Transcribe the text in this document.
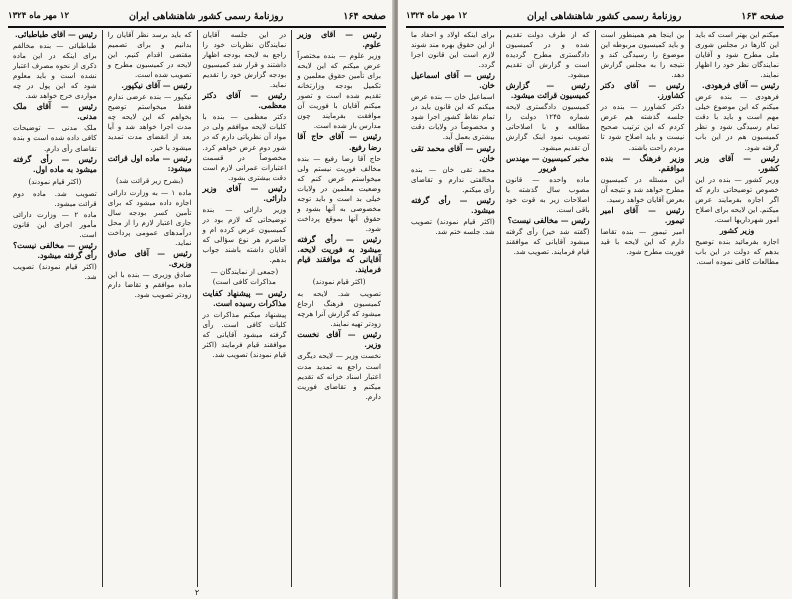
صفحه ۱۶۴
روزنامهٔ رسمی کشور شاهنشاهی ایران
۱۲ مهر ماه ۱۳۲۴

رئیس — آقای وزیر علوم.

وزیر علوم — بنده مختصراً عرض میکنم که این لایحه برای تأمین حقوق معلمین و تکمیل بودجه وزارتخانه تقدیم شده است و تصور میکنم آقایان با فوریت آن موافقت بفرمایند چون مدارس باز شده است.

رئیس — آقای حاج آقا رضا رفیع.

حاج آقا رضا رفیع — بنده مخالف فوریت نیستم ولی میخواستم عرض کنم که وضعیت معلمین در ولایات خیلی بد است و باید توجه مخصوصی به آنها بشود و حقوق آنها بموقع پرداخت شود.

رئیس — رأی گرفته میشود به فوریت لایحه. آقایانی که موافقند قیام فرمایند.

(اکثر قیام نمودند)

تصویب شد. لایحه به کمیسیون فرهنگ ارجاع میشود که گزارش آنرا هرچه زودتر تهیه نمایند.

رئیس — آقای نخست وزیر.

نخست وزیر — لایحه دیگری است راجع به تمدید مدت اعتبار اسناد خزانه که تقدیم میکنم و تقاضای فوریت دارم.

در این جلسه آقایان نمایندگان نظریات خود را راجع به لایحه بودجه اظهار داشتند و قرار شد کمیسیون بودجه گزارش خود را تقدیم نماید.

رئیس — آقای دکتر معظمی.

دکتر معظمی — بنده با کلیات لایحه موافقم ولی در مواد آن نظریاتی دارم که در شور دوم عرض خواهم کرد. مخصوصاً در قسمت اعتبارات عمرانی لازم است دقت بیشتری بشود.

رئیس — آقای وزیر دارائی.

وزیر دارائی — بنده توضیحاتی که لازم بود در کمیسیون عرض کرده ام و حاضرم هر نوع سؤالی که آقایان داشته باشند جواب بدهم.

(جمعی از نمایندگان — مذاکرات کافی است)

رئیس — پیشنهاد کفایت مذاکرات رسیده است.

پیشنهاد میکنم مذاکرات در کلیات کافی است. رأی گرفته میشود آقایانی که موافقند قیام فرمایند (اکثر قیام نمودند) تصویب شد.

که باید برسد نظر آقایان را بدانیم و برای تصمیم مقتضی اقدام کنیم. این لایحه در کمیسیون مطرح و تصویب شده است.

رئیس — آقای نیکپور.

نیکپور — بنده عرضی ندارم فقط میخواستم توضیح بخواهم که این لایحه چه مدت اجرا خواهد شد و آیا بعد از انقضای مدت تمدید میشود یا خیر.

رئیس — ماده اول قرائت میشود:

(بشرح زیر قرائت شد)

ماده ۱ — به وزارت دارائی اجازه داده میشود که برای تأمین کسر بودجه سال جاری اعتبار لازم را از محل درآمدهای عمومی پرداخت نماید.

رئیس — آقای صادق وزیری.

صادق وزیری — بنده با این ماده موافقم و تقاضا دارم زودتر تصویب شود.

رئیس — آقای طباطبائی.

طباطبائی — بنده مخالفم برای اینکه در این ماده ذکری از نحوه مصرف اعتبار نشده است و باید معلوم شود که این پول در چه مواردی خرج خواهد شد.

رئیس — آقای ملک مدنی.

ملک مدنی — توضیحات کافی داده شده است و بنده تقاضای رأی دارم.

رئیس — رأی گرفته میشود به ماده اول.

(اکثر قیام نمودند)

تصویب شد. ماده دوم قرائت میشود.

ماده ۲ — وزارت دارائی مأمور اجرای این قانون است.

رئیس — مخالفی نیست؟ رأی گرفته میشود.

(اکثر قیام نمودند) تصویب شد.

۲
صفحه ۱۶۳
روزنامهٔ رسمی کشور شاهنشاهی ایران
۱۲ مهر ماه ۱۳۲۴

میکنم این بهتر است که باید این کارها در مجلس شوری ملی مطرح شود و آقایان نمایندگان نظر خود را اظهار نمایند.

رئیس — آقای فرهودی.

فرهودی — بنده عرض میکنم که این موضوع خیلی مهم است و باید با دقت تمام رسیدگی شود و نظر کمیسیون هم در این باب گرفته شود.

رئیس — آقای وزیر کشور.

وزیر کشور — بنده در این خصوص توضیحاتی دارم که اگر اجازه بفرمایند عرض میکنم. این لایحه برای اصلاح امور شهرداریها است.

وزیر کشور

اجازه بفرمائید بنده توضیح بدهم که دولت در این باب مطالعات کافی نموده است.

ین اینجا هم همینطور است و باید کمیسیون مربوطه این موضوع را رسیدگی کند و نتیجه را به مجلس گزارش دهد.

رئیس — آقای دکتر کشاورز.

دکتر کشاورز — بنده در جلسه گذشته هم عرض کردم که این ترتیب صحیح نیست و باید اصلاح شود تا مردم راحت باشند.

وزیر فرهنگ — بنده موافقم.

این مسئله در کمیسیون مطرح خواهد شد و نتیجه آن بعرض آقایان خواهد رسید.

رئیس — آقای امیر تیمور.

امیر تیمور — بنده تقاضا دارم که این لایحه با قید فوریت مطرح شود.

که از طرف دولت تقدیم شده و در کمیسیون دادگستری مطرح گردیده است و گزارش آن تقدیم میشود.

رئیس — گزارش کمیسیون قرائت میشود.

کمیسیون دادگستری لایحه شماره ۱۲۴۵ دولت را مطالعه و با اصلاحاتی تصویب نمود اینک گزارش آن تقدیم میشود.

مخبر کمیسیون — مهندس فریور

ماده واحده — قانون مصوب سال گذشته با اصلاحات زیر به قوت خود باقی است.

رئیس — مخالفی نیست؟

(گفته شد خیر) رأی گرفته میشود آقایانی که موافقند قیام فرمایند. تصویب شد.

برای اینکه اولاد و احفاد ما از این حقوق بهره مند شوند لازم است این قانون اجرا گردد.

رئیس — آقای اسماعیل خان.

اسماعیل خان — بنده عرض میکنم که این قانون باید در تمام نقاط کشور اجرا شود و مخصوصاً در ولایات دقت بیشتری بعمل آید.

رئیس — آقای محمد تقی خان.

محمد تقی خان — بنده مخالفتی ندارم و تقاضای رأی میکنم.

رئیس — رأی گرفته میشود.

(اکثر قیام نمودند) تصویب شد. جلسه ختم شد.
